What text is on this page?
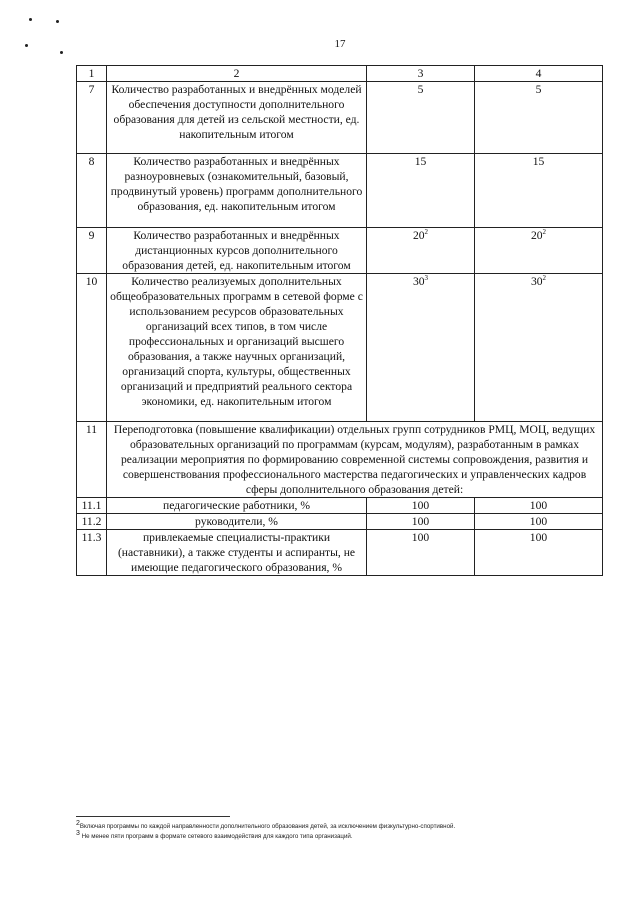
17
1	2	3	4
7	Количество разработанных и внедрённых моделей обеспечения доступности дополнительного образования для детей из сельской местности, ед. накопительным итогом	5	5
8	Количество разработанных и внедрённых разноуровневых (ознакомительный, базовый, продвинутый уровень) программ дополнительного образования, ед. накопительным итогом	15	15
9	Количество разработанных и внедрённых дистанционных курсов дополнительного образования детей, ед. накопительным итогом	$20^2$	$20^2$
10	Количество реализуемых дополнительных общеобразовательных программ в сетевой форме с использованием ресурсов образовательных организаций всех типов, в том числе профессиональных и организаций высшего образования, а также научных организаций, организаций спорта, культуры, общественных организаций и предприятий реального сектора экономики, ед. накопительным итогом	$30^3$	$30^2$
11	Переподготовка (повышение квалификации) отдельных групп сотрудников РМЦ, МОЦ, ведущих образовательных организаций по программам (курсам, модулям), разработанным в рамках реализации мероприятия по формированию современной системы сопровождения, развития и совершенствования профессионального мастерства педагогических и управленческих кадров сферы дополнительного образования детей:		
11.1	педагогические работники, %	100	100
11.2	руководители, %	100	100
11.3	привлекаемые специалисты-практики (наставники), а также студенты и аспиранты, не имеющие педагогического образования, %	100	100
$^2$Включая программы по каждой направленности дополнительного образования детей, за исключением физкультурно-спортивной.
$^3$ Не менее пяти программ в формате сетевого взаимодействия для каждого типа организаций.
